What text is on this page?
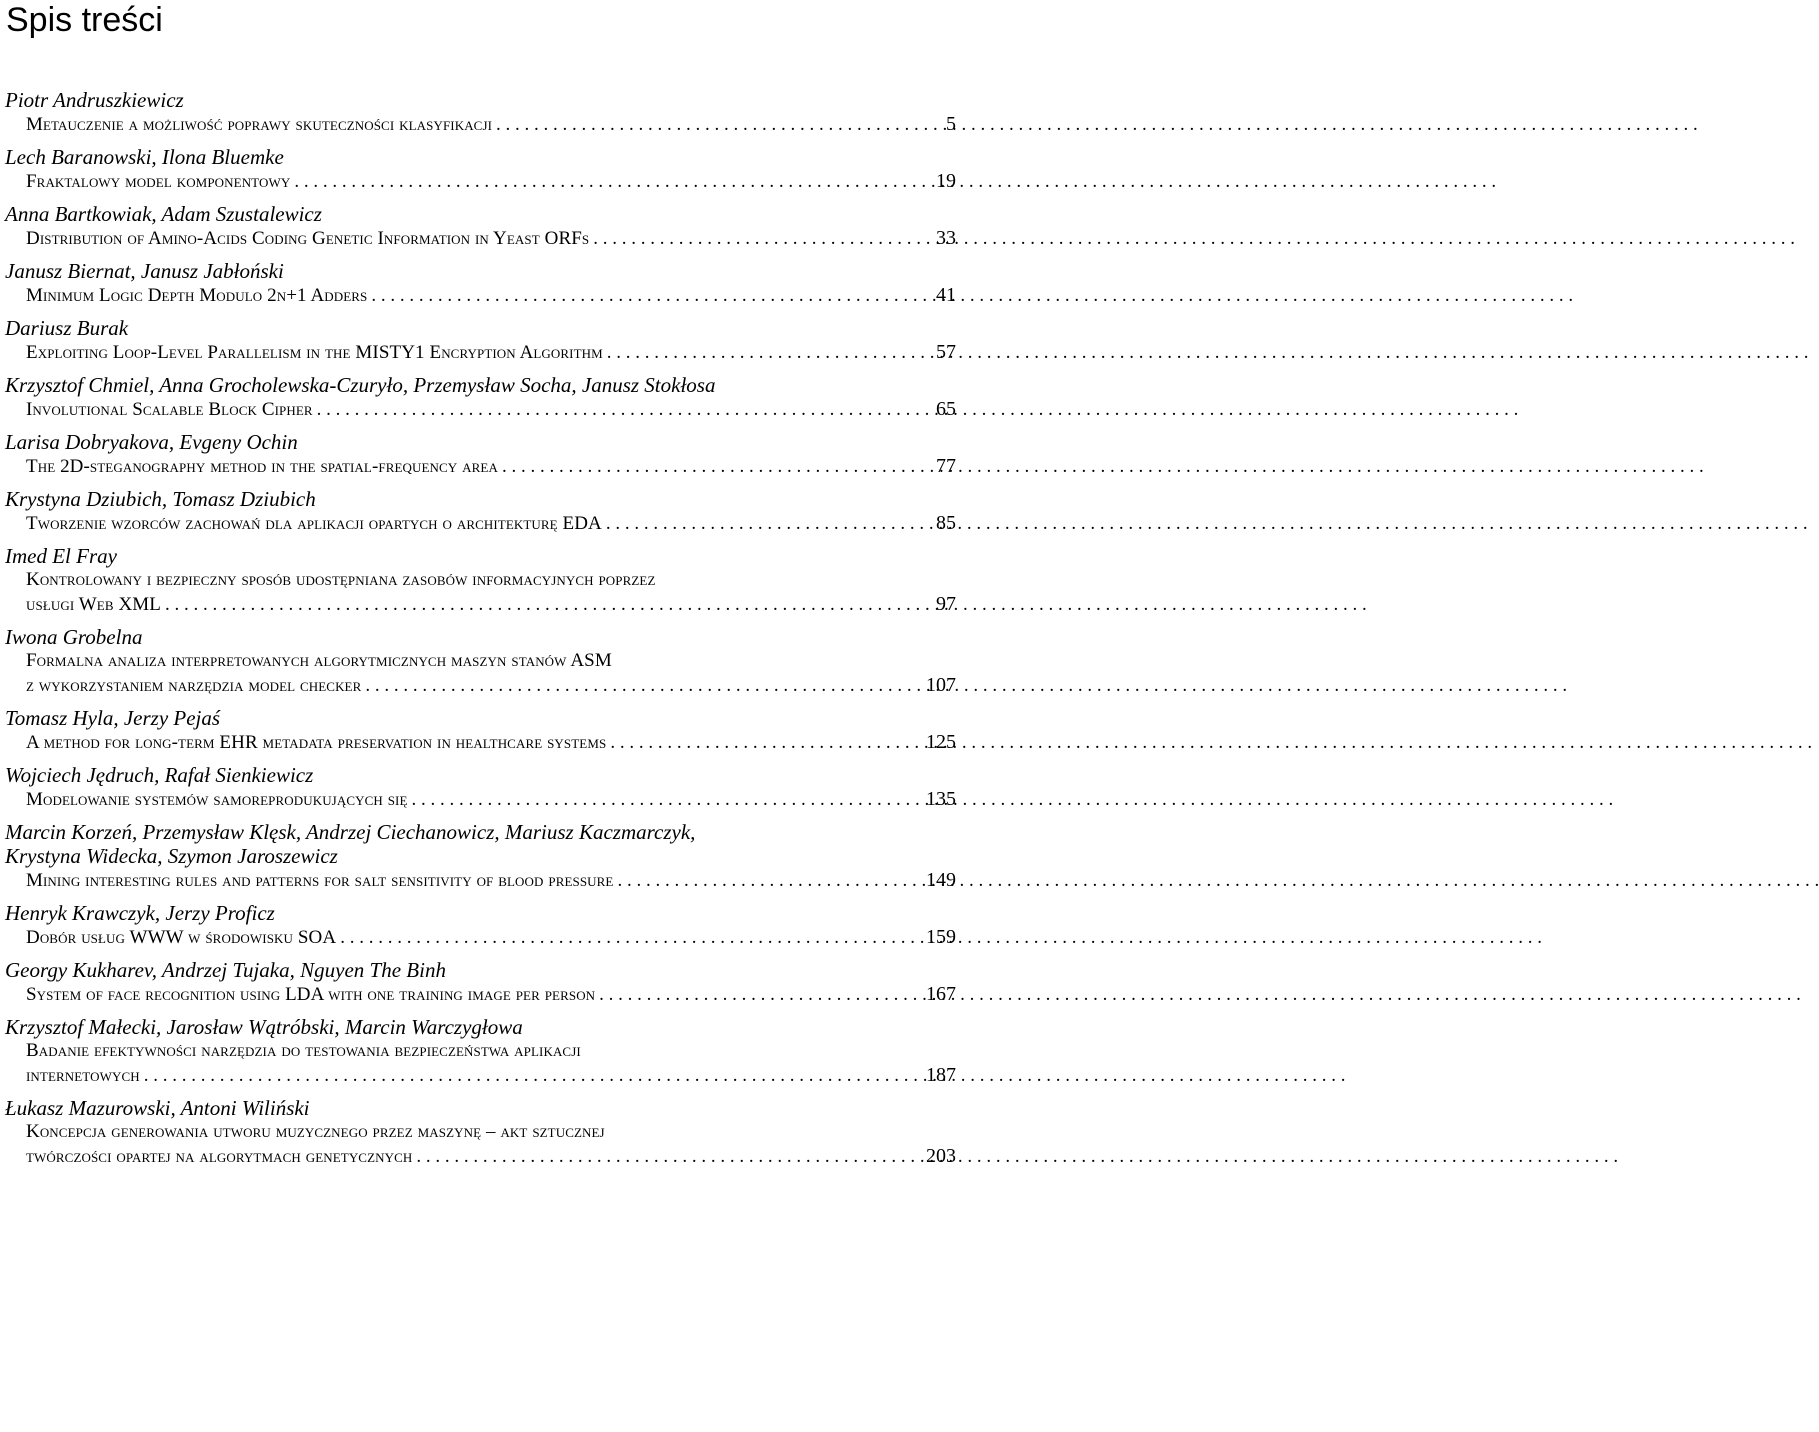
Spis treści
Piotr Andruszkiewicz
Metauczenie a możliwość poprawy skuteczności klasyfikacji . . .	5
Lech Baranowski, Ilona Bluemke
Fraktalowy model komponentowy . . .	19
Anna Bartkowiak, Adam Szustalewicz
Distribution of Amino-Acids Coding Genetic Information in Yeast ORFs . . .	33
Janusz Biernat, Janusz Jabłoński
Minimum Logic Depth Modulo 2n+1 Adders . . .	41
Dariusz Burak
Exploiting Loop-Level Parallelism in the MISTY1 Encryption Algorithm . . .	57
Krzysztof Chmiel, Anna Grocholewska-Czuryło, Przemysław Socha, Janusz Stokłosa
Involutional Scalable Block Cipher . . .	65
Larisa Dobryakova, Evgeny Ochin
The 2D-steganography method in the spatial-frequency area . . .	77
Krystyna Dziubich, Tomasz Dziubich
Tworzenie wzorców zachowań dla aplikacji opartych o architekturę EDA . . .	85
Imed El Fray
Kontrolowany i bezpieczny sposób udostępniana zasobów informacyjnych poprzez
usługi Web XML . . .	97
Iwona Grobelna
Formalna analiza interpretowanych algorytmicznych maszyn stanów ASM
z wykorzystaniem narzędzia model checker . . .	107
Tomasz Hyla, Jerzy Pejaś
A method for long-term EHR metadata preservation in healthcare systems . . .	125
Wojciech Jędruch, Rafał Sienkiewicz
Modelowanie systemów samoreprodukujących się . . .	135
Marcin Korzeń, Przemysław Klęsk, Andrzej Ciechanowicz, Mariusz Kaczmarczyk,
Krystyna Widecka, Szymon Jaroszewicz
Mining interesting rules and patterns for salt sensitivity of blood pressure . . .	149
Henryk Krawczyk, Jerzy Proficz
Dobór usług WWW w środowisku SOA . . .	159
Georgy Kukharev, Andrzej Tujaka, Nguyen The Binh
System of face recognition using LDA with one training image per person . . .	167
Krzysztof Małecki, Jarosław Wątróbski, Marcin Warczygłowa
Badanie efektywności narzędzia do testowania bezpieczeństwa aplikacji
internetowych . . .	187
Łukasz Mazurowski, Antoni Wiliński
Koncepcja generowania utworu muzycznego przez maszynę – akt sztucznej
twórczości opartej na algorytmach genetycznych . . .	203
